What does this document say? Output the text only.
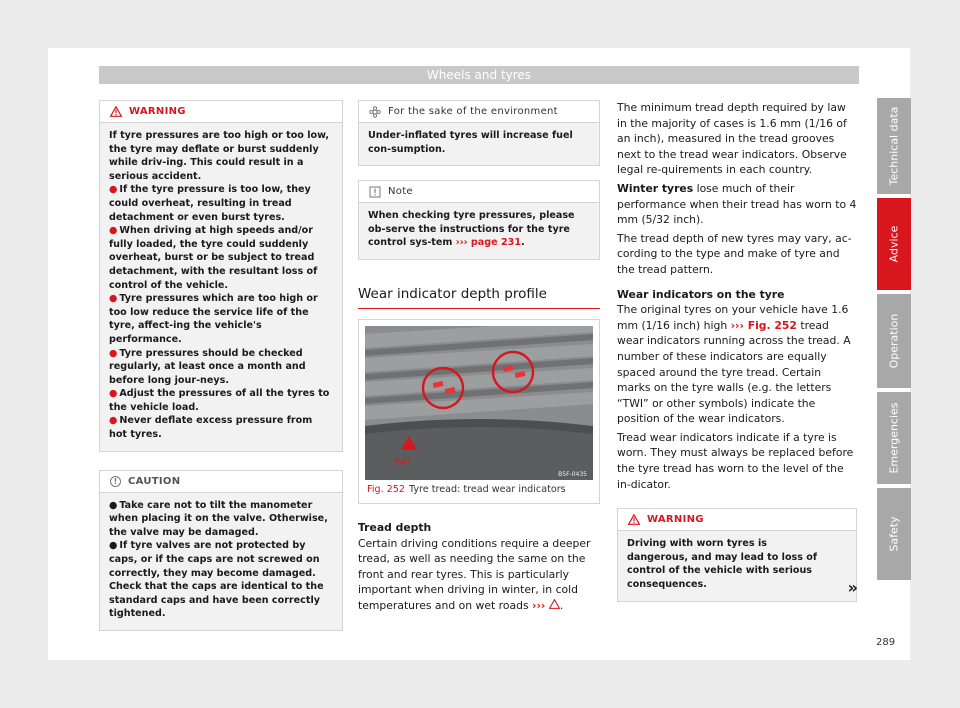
Wheels and tyres
WARNING

If tyre pressures are too high or too low, the tyre may deflate or burst suddenly while driv-ing. This could result in a serious accident.

● If the tyre pressure is too low, they could overheat, resulting in tread detachment or even burst tyres.

● When driving at high speeds and/or fully loaded, the tyre could suddenly overheat, burst or be subject to tread detachment, with the resultant loss of control of the vehicle.

● Tyre pressures which are too high or too low reduce the service life of the tyre, affect-ing the vehicle's performance.

● Tyre pressures should be checked regularly, at least once a month and before long jour-neys.

● Adjust the pressures of all the tyres to the vehicle load.

● Never deflate excess pressure from hot tyres.

!	CAUTION

● Take care not to tilt the manometer when placing it on the valve. Otherwise, the valve may be damaged.

● If tyre valves are not protected by caps, or if the caps are not screwed on correctly, they may become damaged. Check that the caps are identical to the standard caps and have been correctly tightened.

For the sake of the environment

Under-inflated tyres will increase fuel con-sumption.

Note

When checking tyre pressures, please ob-serve the instructions for the tyre control sys-tem ››› page 231.

Wear indicator depth profile
TWI
B5F-0435
Fig. 252 Tyre tread: tread wear indicators
Tread depth
Certain driving conditions require a deeper tread, as well as needing the same on the front and rear tyres. This is particularly important when driving in winter, in cold temperatures and on wet roads ››› .

The minimum tread depth required by law in the majority of cases is 1.6 mm (1/16 of an inch), measured in the tread grooves next to the tread wear indicators. Observe legal re-quirements in each country.

Winter tyres lose much of their performance when their tread has worn to 4 mm (5/32 inch).

The tread depth of new tyres may vary, ac-cording to the type and make of tyre and the tread pattern.

Wear indicators on the tyre

The original tyres on your vehicle have 1.6 mm (1/16 inch) high ››› Fig. 252 tread wear indicators running across the tread. A number of these indicators are equally spaced around the tyre tread. Certain marks on the tyre walls (e.g. the letters “TWI” or other symbols) indicate the position of the wear indicators.

Tread wear indicators indicate if a tyre is worn. They must always be replaced before the tyre tread has worn to the level of the in-dicator.

WARNING

Driving with worn tyres is dangerous, and may lead to loss of control of the vehicle with serious consequences.	»
Technical data
Advice
Operation
Emergencies
Safety
289
